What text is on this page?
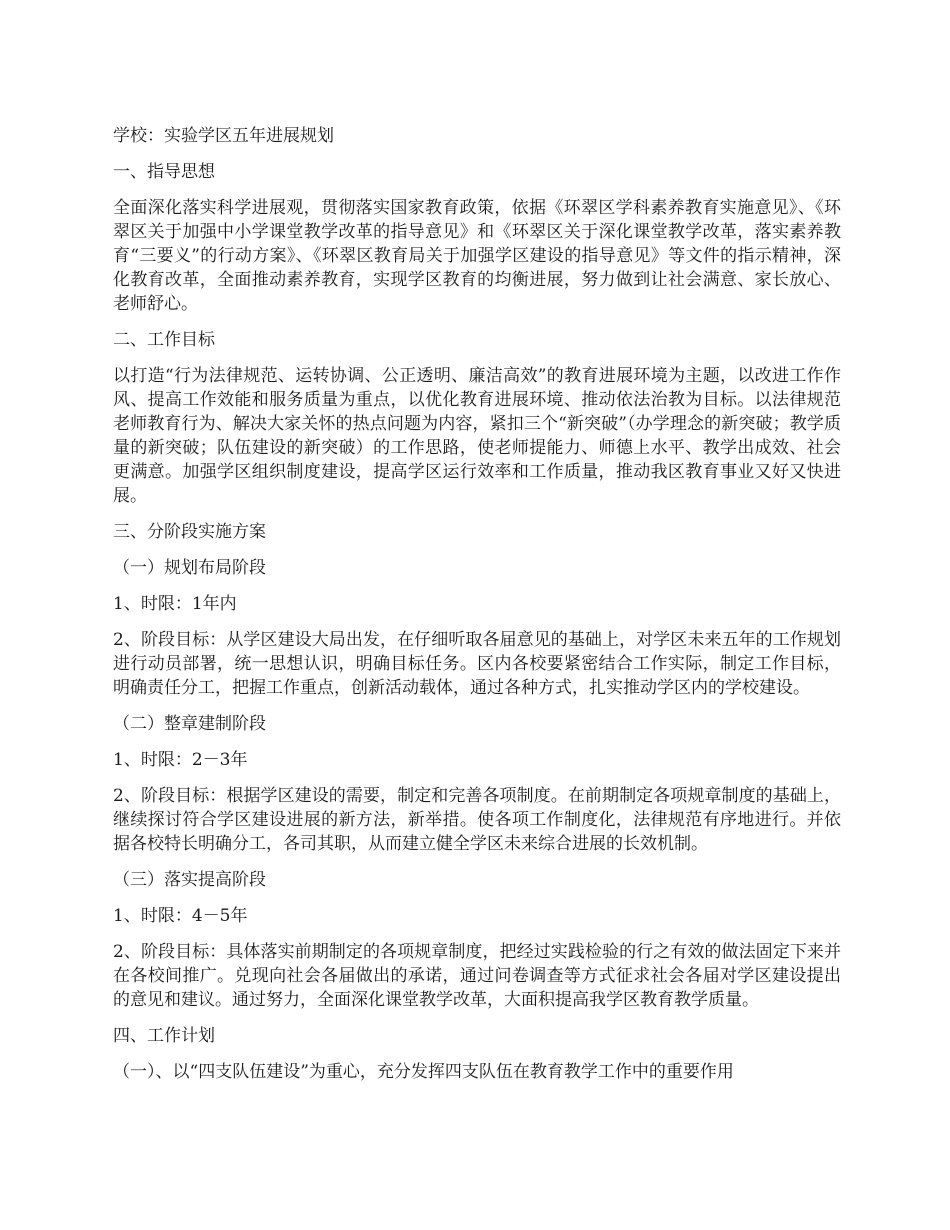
学校：实验学区五年进展规划

一、指导思想

全面深化落实科学进展观，贯彻落实国家教育政策，依据《环翠区学科素养教育实施意见》、《环翠区关于加强中小学课堂教学改革的指导意见》和《环翠区关于深化课堂教学改革，落实素养教育“三要义”的行动方案》、《环翠区教育局关于加强学区建设的指导意见》等文件的指示精神，深化教育改革，全面推动素养教育，实现学区教育的均衡进展，努力做到让社会满意、家长放心、老师舒心。

二、工作目标

以打造“行为法律规范、运转协调、公正透明、廉洁高效”的教育进展环境为主题，以改进工作作风、提高工作效能和服务质量为重点，以优化教育进展环境、推动依法治教为目标。以法律规范老师教育行为、解决大家关怀的热点问题为内容，紧扣三个“新突破”（办学理念的新突破；教学质量的新突破；队伍建设的新突破）的工作思路，使老师提能力、师德上水平、教学出成效、社会更满意。加强学区组织制度建设，提高学区运行效率和工作质量，推动我区教育事业又好又快进展。

三、分阶段实施方案

（一）规划布局阶段

1、时限：1年内

2、阶段目标：从学区建设大局出发，在仔细听取各届意见的基础上，对学区未来五年的工作规划进行动员部署，统一思想认识，明确目标任务。区内各校要紧密结合工作实际，制定工作目标，明确责任分工，把握工作重点，创新活动载体，通过各种方式，扎实推动学区内的学校建设。

（二）整章建制阶段

1、时限：2－3年

2、阶段目标：根据学区建设的需要，制定和完善各项制度。在前期制定各项规章制度的基础上，继续探讨符合学区建设进展的新方法，新举措。使各项工作制度化，法律规范有序地进行。并依据各校特长明确分工，各司其职，从而建立健全学区未来综合进展的长效机制。

（三）落实提高阶段

1、时限：4－5年

2、阶段目标：具体落实前期制定的各项规章制度，把经过实践检验的行之有效的做法固定下来并在各校间推广。兑现向社会各届做出的承诺，通过问卷调查等方式征求社会各届对学区建设提出的意见和建议。通过努力，全面深化课堂教学改革，大面积提高我学区教育教学质量。

四、工作计划

（一）、以“四支队伍建设”为重心，充分发挥四支队伍在教育教学工作中的重要作用
